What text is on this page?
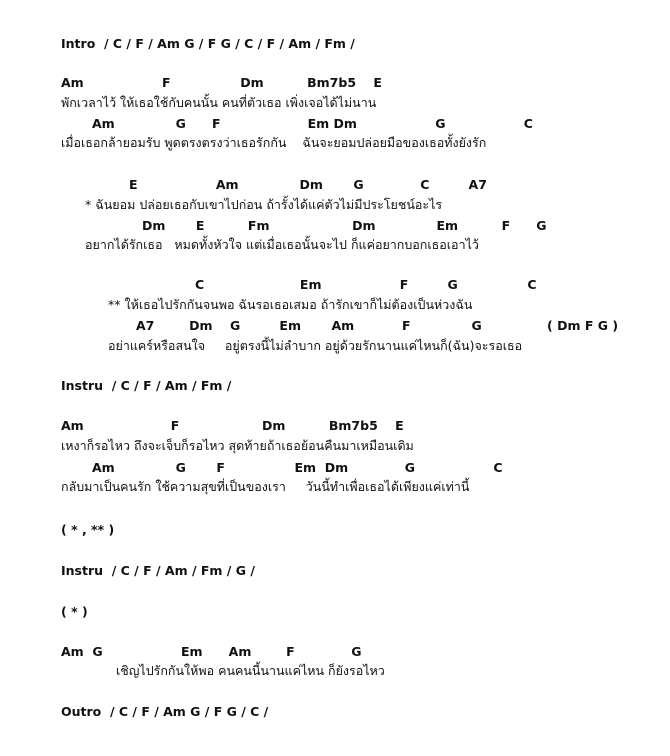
Intro  / C / F / Am G / F G / C / F / Am / Fm /
Am                  F                Dm          Bm7b5    E
พักเวลาไว้ ให้เธอใช้กับคนนั้น คนที่ตัวเธอ เพิ่งเจอได้ไม่นาน
Am              G      F                    Em Dm                  G                  C
เมื่อเธอกล้ายอมรับ พูดตรงตรงว่าเธอรักกัน    ฉันจะยอมปล่อยมือของเธอทั้งยังรัก
E                  Am              Dm       G             C         A7
* ฉันยอม ปล่อยเธอกับเขาไปก่อน ถ้ารั้งได้แค่ตัวไม่มีประโยชน์อะไร
Dm       E          Fm                   Dm              Em          F      G
อยากได้รักเธอ   หมดทั้งหัวใจ แต่เมื่อเธอนั้นจะไป ก็แค่อยากบอกเธอเอาไว้
C                      Em                  F         G                C
** ให้เธอไปรักกันจนพอ ฉันรอเธอเสมอ ถ้ารักเขาก็ไม่ต้องเป็นห่วงฉัน
A7        Dm    G         Em       Am           F              G               ( Dm F G )
อย่าแคร์หรือสนใจ     อยู่ตรงนี้ไม่ลำบาก อยู่ด้วยรักนานแค่ไหนก็(ฉัน)จะรอเธอ
Instru  / C / F / Am / Fm /
Am                    F                   Dm          Bm7b5    E
เหงาก็รอไหว ถึงจะเจ็บก็รอไหว สุดท้ายถ้าเธอย้อนคืนมาเหมือนเดิม
Am              G       F                Em  Dm             G                  C
กลับมาเป็นคนรัก ใช้ความสุขที่เป็นของเรา     วันนี้ทำเพื่อเธอได้เพียงแค่เท่านี้
( * , ** )
Instru  / C / F / Am / Fm / G /
( * )
Am  G                  Em      Am        F             G
เชิญไปรักกันให้พอ คนคนนี้นานแค่ไหน ก็ยังรอไหว
Outro  / C / F / Am G / F G / C /
